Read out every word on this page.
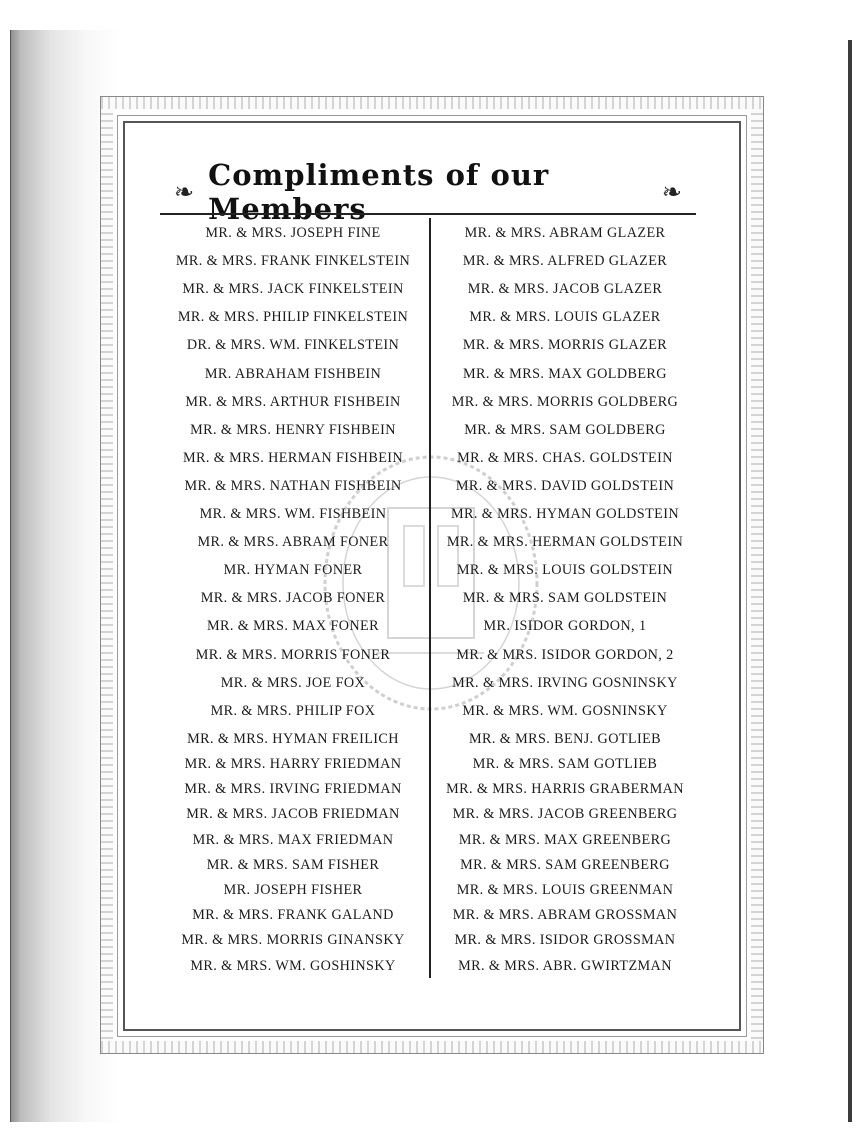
❧
Compliments of our Members	❧
MR. & MRS. JOSEPH FINE
MR. & MRS. FRANK FINKELSTEIN
MR. & MRS. JACK FINKELSTEIN
MR. & MRS. PHILIP FINKELSTEIN
DR. & MRS. WM. FINKELSTEIN
MR. ABRAHAM FISHBEIN
MR. & MRS. ARTHUR FISHBEIN
MR. & MRS. HENRY FISHBEIN
MR. & MRS. HERMAN FISHBEIN
MR. & MRS. NATHAN FISHBEIN
MR. & MRS. WM. FISHBEIN
MR. & MRS. ABRAM FONER
MR. HYMAN FONER
MR. & MRS. JACOB FONER
MR. & MRS. MAX FONER
MR. & MRS. MORRIS FONER
MR. & MRS. JOE FOX
MR. & MRS. PHILIP FOX
MR. & MRS. HYMAN FREILICH
MR. & MRS. HARRY FRIEDMAN
MR. & MRS. IRVING FRIEDMAN
MR. & MRS. JACOB FRIEDMAN
MR. & MRS. MAX FRIEDMAN
MR. & MRS. SAM FISHER
MR. JOSEPH FISHER
MR. & MRS. FRANK GALAND
MR. & MRS. MORRIS GINANSKY
MR. & MRS. WM. GOSHINSKY
MR. & MRS. ABRAM GLAZER
MR. & MRS. ALFRED GLAZER
MR. & MRS. JACOB GLAZER
MR. & MRS. LOUIS GLAZER
MR. & MRS. MORRIS GLAZER
MR. & MRS. MAX GOLDBERG
MR. & MRS. MORRIS GOLDBERG
MR. & MRS. SAM GOLDBERG
MR. & MRS. CHAS. GOLDSTEIN
MR. & MRS. DAVID GOLDSTEIN
MR. & MRS. HYMAN GOLDSTEIN
MR. & MRS. HERMAN GOLDSTEIN
MR. & MRS. LOUIS GOLDSTEIN
MR. & MRS. SAM GOLDSTEIN
MR. ISIDOR GORDON, 1
MR. & MRS. ISIDOR GORDON, 2
MR. & MRS. IRVING GOSNINSKY
MR. & MRS. WM. GOSNINSKY
MR. & MRS. BENJ. GOTLIEB
MR. & MRS. SAM GOTLIEB
MR. & MRS. HARRIS GRABERMAN
MR. & MRS. JACOB GREENBERG
MR. & MRS. MAX GREENBERG
MR. & MRS. SAM GREENBERG
MR. & MRS. LOUIS GREENMAN
MR. & MRS. ABRAM GROSSMAN
MR. & MRS. ISIDOR GROSSMAN
MR. & MRS. ABR. GWIRTZMAN
